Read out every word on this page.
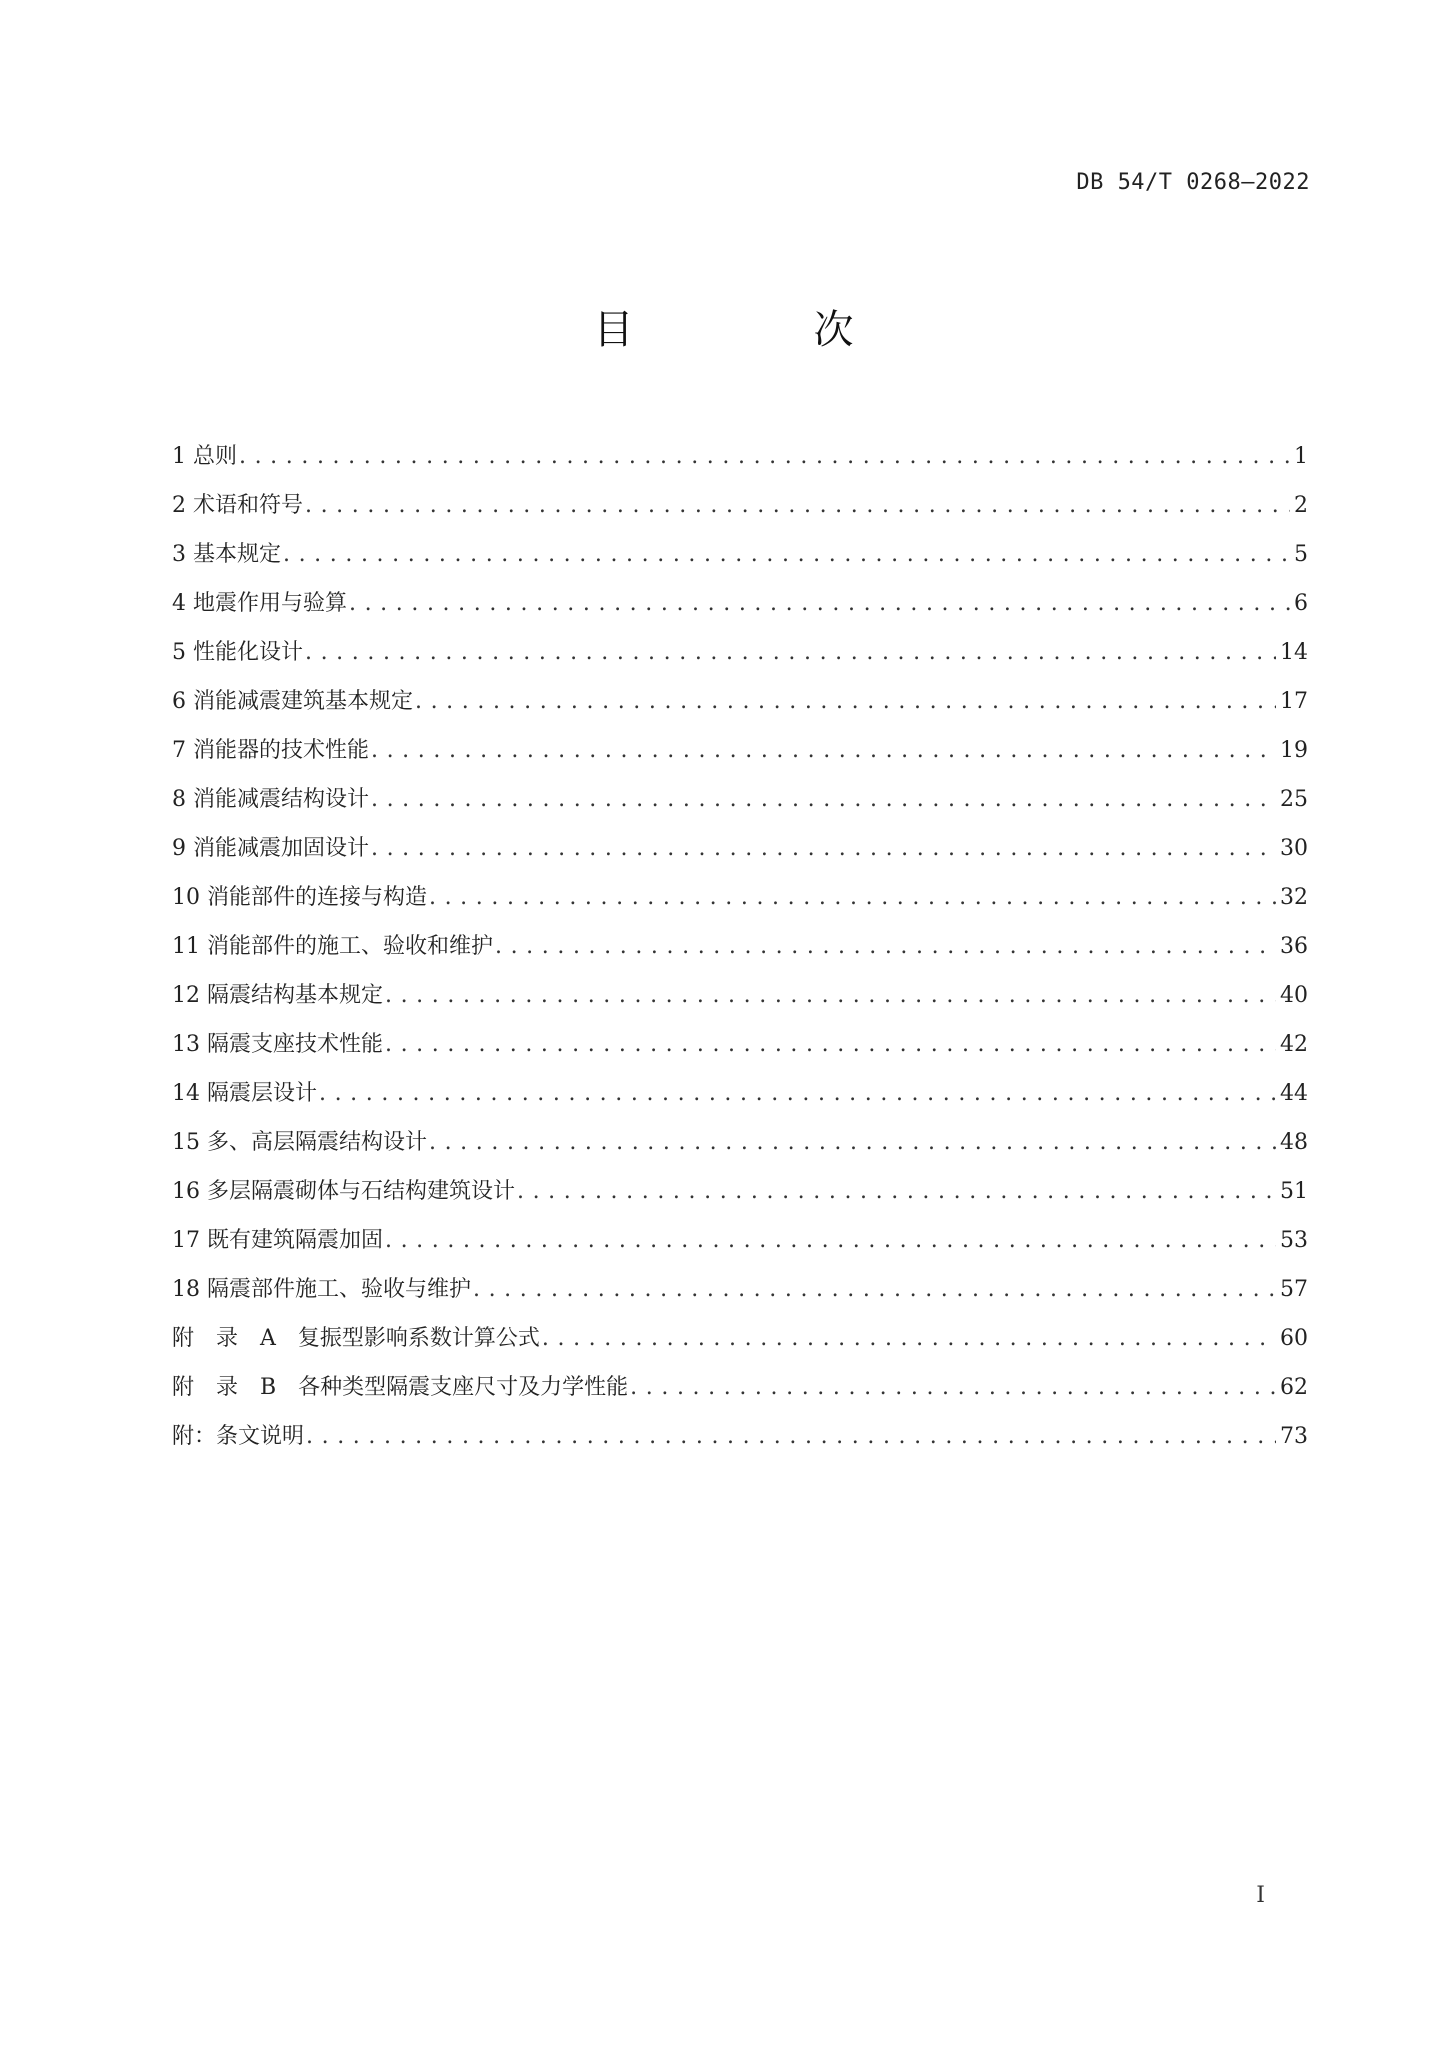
DB 54/T 0268—2022
目　次
1 总则 .....	1
2 术语和符号 .....	2
3 基本规定 .....	5
4 地震作用与验算 .....	6
5 性能化设计 .....	14
6 消能减震建筑基本规定 .....	17
7 消能器的技术性能 .....	19
8 消能减震结构设计 .....	25
9 消能减震加固设计 .....	30
10 消能部件的连接与构造 .....	32
11 消能部件的施工、验收和维护 .....	36
12 隔震结构基本规定 .....	40
13 隔震支座技术性能 .....	42
14 隔震层设计 .....	44
15 多、高层隔震结构设计 .....	48
16 多层隔震砌体与石结构建筑设计 .....	51
17 既有建筑隔震加固 .....	53
18 隔震部件施工、验收与维护 .....	57
附　录　A　复振型影响系数计算公式 .....	60
附　录　B　各种类型隔震支座尺寸及力学性能 .....	62
附：条文说明 .....	73
I
